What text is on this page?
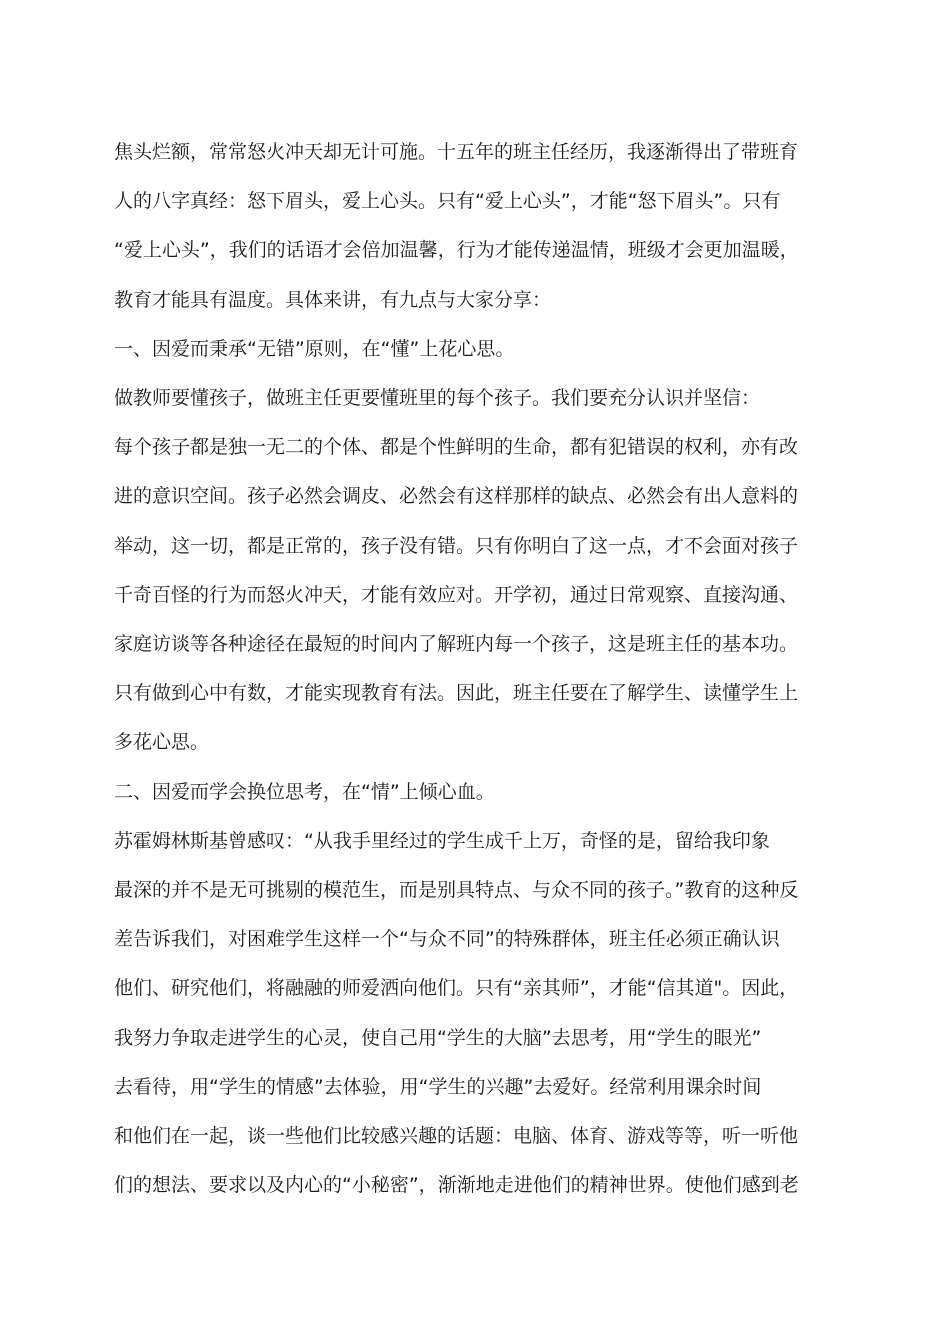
焦头烂额，常常怒火冲天却无计可施。十五年的班主任经历，我逐渐得出了带班育
人的八字真经：怒下眉头，爱上心头。只有“爱上心头”，才能“怒下眉头”。只有
“爱上心头”，我们的话语才会倍加温馨，行为才能传递温情，班级才会更加温暖，
教育才能具有温度。具体来讲，有九点与大家分享：
一、因爱而秉承“无错”原则，在“懂”上花心思。
做教师要懂孩子，做班主任更要懂班里的每个孩子。我们要充分认识并坚信：
每个孩子都是独一无二的个体、都是个性鲜明的生命，都有犯错误的权利，亦有改
进的意识空间。孩子必然会调皮、必然会有这样那样的缺点、必然会有出人意料的
举动，这一切，都是正常的，孩子没有错。只有你明白了这一点，才不会面对孩子
千奇百怪的行为而怒火冲天，才能有效应对。开学初，通过日常观察、直接沟通、
家庭访谈等各种途径在最短的时间内了解班内每一个孩子，这是班主任的基本功。
只有做到心中有数，才能实现教育有法。因此，班主任要在了解学生、读懂学生上
多花心思。
二、因爱而学会换位思考，在“情”上倾心血。
苏霍姆林斯基曾感叹：“从我手里经过的学生成千上万，奇怪的是，留给我印象
最深的并不是无可挑剔的模范生，而是别具特点、与众不同的孩子。”教育的这种反
差告诉我们，对困难学生这样一个“与众不同”的特殊群体，班主任必须正确认识
他们、研究他们，将融融的师爱洒向他们。只有“亲其师”，才能“信其道"。因此，
我努力争取走进学生的心灵，使自己用“学生的大脑”去思考，用“学生的眼光”
去看待，用“学生的情感”去体验，用“学生的兴趣”去爱好。经常利用课余时间
和他们在一起，谈一些他们比较感兴趣的话题：电脑、体育、游戏等等，听一听他
们的想法、要求以及内心的“小秘密”，渐渐地走进他们的精神世界。使他们感到老
